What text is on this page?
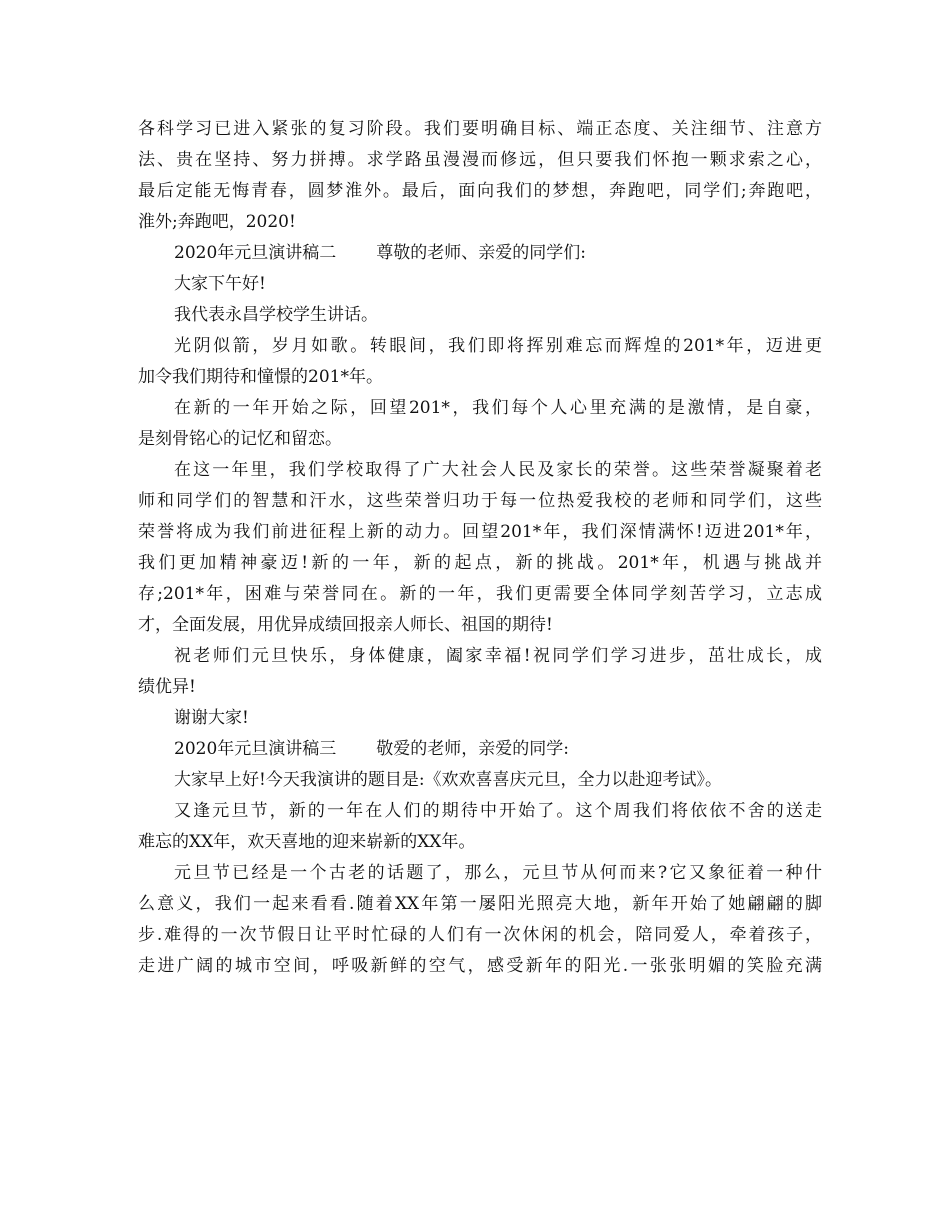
各科学习已进入紧张的复习阶段。我们要明确目标、端正态度、关注细节、注意方
法、贵在坚持、努力拼搏。求学路虽漫漫而修远，但只要我们怀抱一颗求索之心，
最后定能无悔青春，圆梦淮外。最后，面向我们的梦想，奔跑吧，同学们;奔跑吧，
淮外;奔跑吧，2020!
2020年元旦演讲稿二 尊敬的老师、亲爱的同学们:
大家下午好!
我代表永昌学校学生讲话。
光阴似箭，岁月如歌。转眼间，我们即将挥别难忘而辉煌的201*年，迈进更
加令我们期待和憧憬的201*年。
在新的一年开始之际，回望201*，我们每个人心里充满的是激情，是自豪，
是刻骨铭心的记忆和留恋。
在这一年里，我们学校取得了广大社会人民及家长的荣誉。这些荣誉凝聚着老
师和同学们的智慧和汗水，这些荣誉归功于每一位热爱我校的老师和同学们，这些
荣誉将成为我们前进征程上新的动力。回望201*年，我们深情满怀!迈进201*年，
我们更加精神豪迈!新的一年，新的起点，新的挑战。201*年，机遇与挑战并
存;201*年，困难与荣誉同在。新的一年，我们更需要全体同学刻苦学习，立志成
才，全面发展，用优异成绩回报亲人师长、祖国的期待!
祝老师们元旦快乐，身体健康，阖家幸福!祝同学们学习进步，茁壮成长，成
绩优异!
谢谢大家!
2020年元旦演讲稿三 敬爱的老师，亲爱的同学:
大家早上好!今天我演讲的题目是:《欢欢喜喜庆元旦，全力以赴迎考试》。
又逢元旦节，新的一年在人们的期待中开始了。这个周我们将依依不舍的送走
难忘的XX年，欢天喜地的迎来崭新的XX年。
元旦节已经是一个古老的话题了，那么，元旦节从何而来?它又象征着一种什
么意义，我们一起来看看.随着XX年第一屡阳光照亮大地，新年开始了她翩翩的脚
步.难得的一次节假日让平时忙碌的人们有一次休闲的机会，陪同爱人，牵着孩子，
走进广阔的城市空间，呼吸新鲜的空气，感受新年的阳光.一张张明媚的笑脸充满
